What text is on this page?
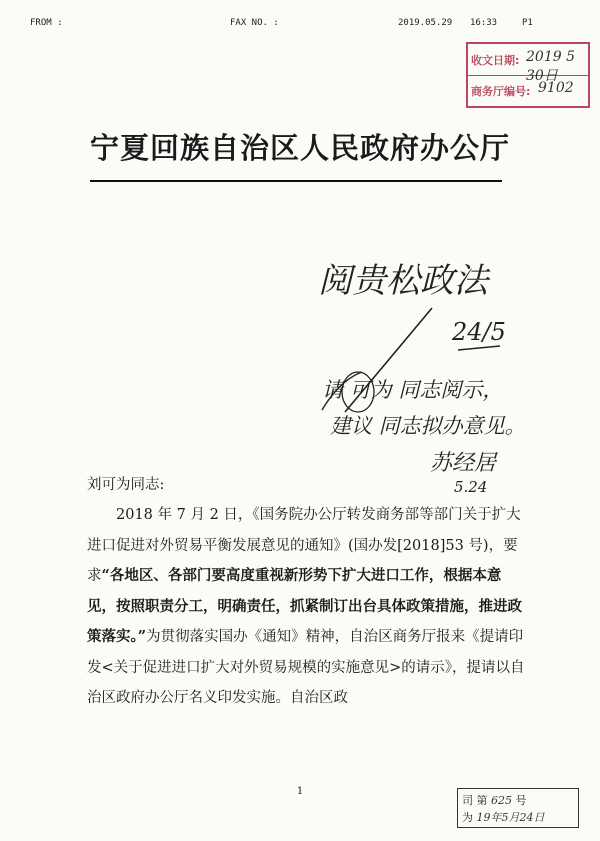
FROM :	FAX NO. :	2019.05.29 16:33	P1
收文日期: 2019 5 30日
商务厅编号: 9102
宁夏回族自治区人民政府办公厅
阅贵松政法
24/5
请 可为 同志阅示，
建议 同志拟办意见。
苏经居
5.24
刘可为同志:
2018 年 7 月 2 日，《国务院办公厅转发商务部等部门关于扩大进口促进对外贸易平衡发展意见的通知》(国办发[2018]53 号)，要求“各地区、各部门要高度重视新形势下扩大进口工作，根据本意见，按照职责分工，明确责任，抓紧制订出台具体政策措施，推进政策落实。”为贯彻落实国办《通知》精神，自治区商务厅报来《提请印发<关于促进进口扩大对外贸易规模的实施意见>的请示》，提请以自治区政府办公厅名义印发实施。自治区政
1
司 第 625 号
为 19年5月24日
